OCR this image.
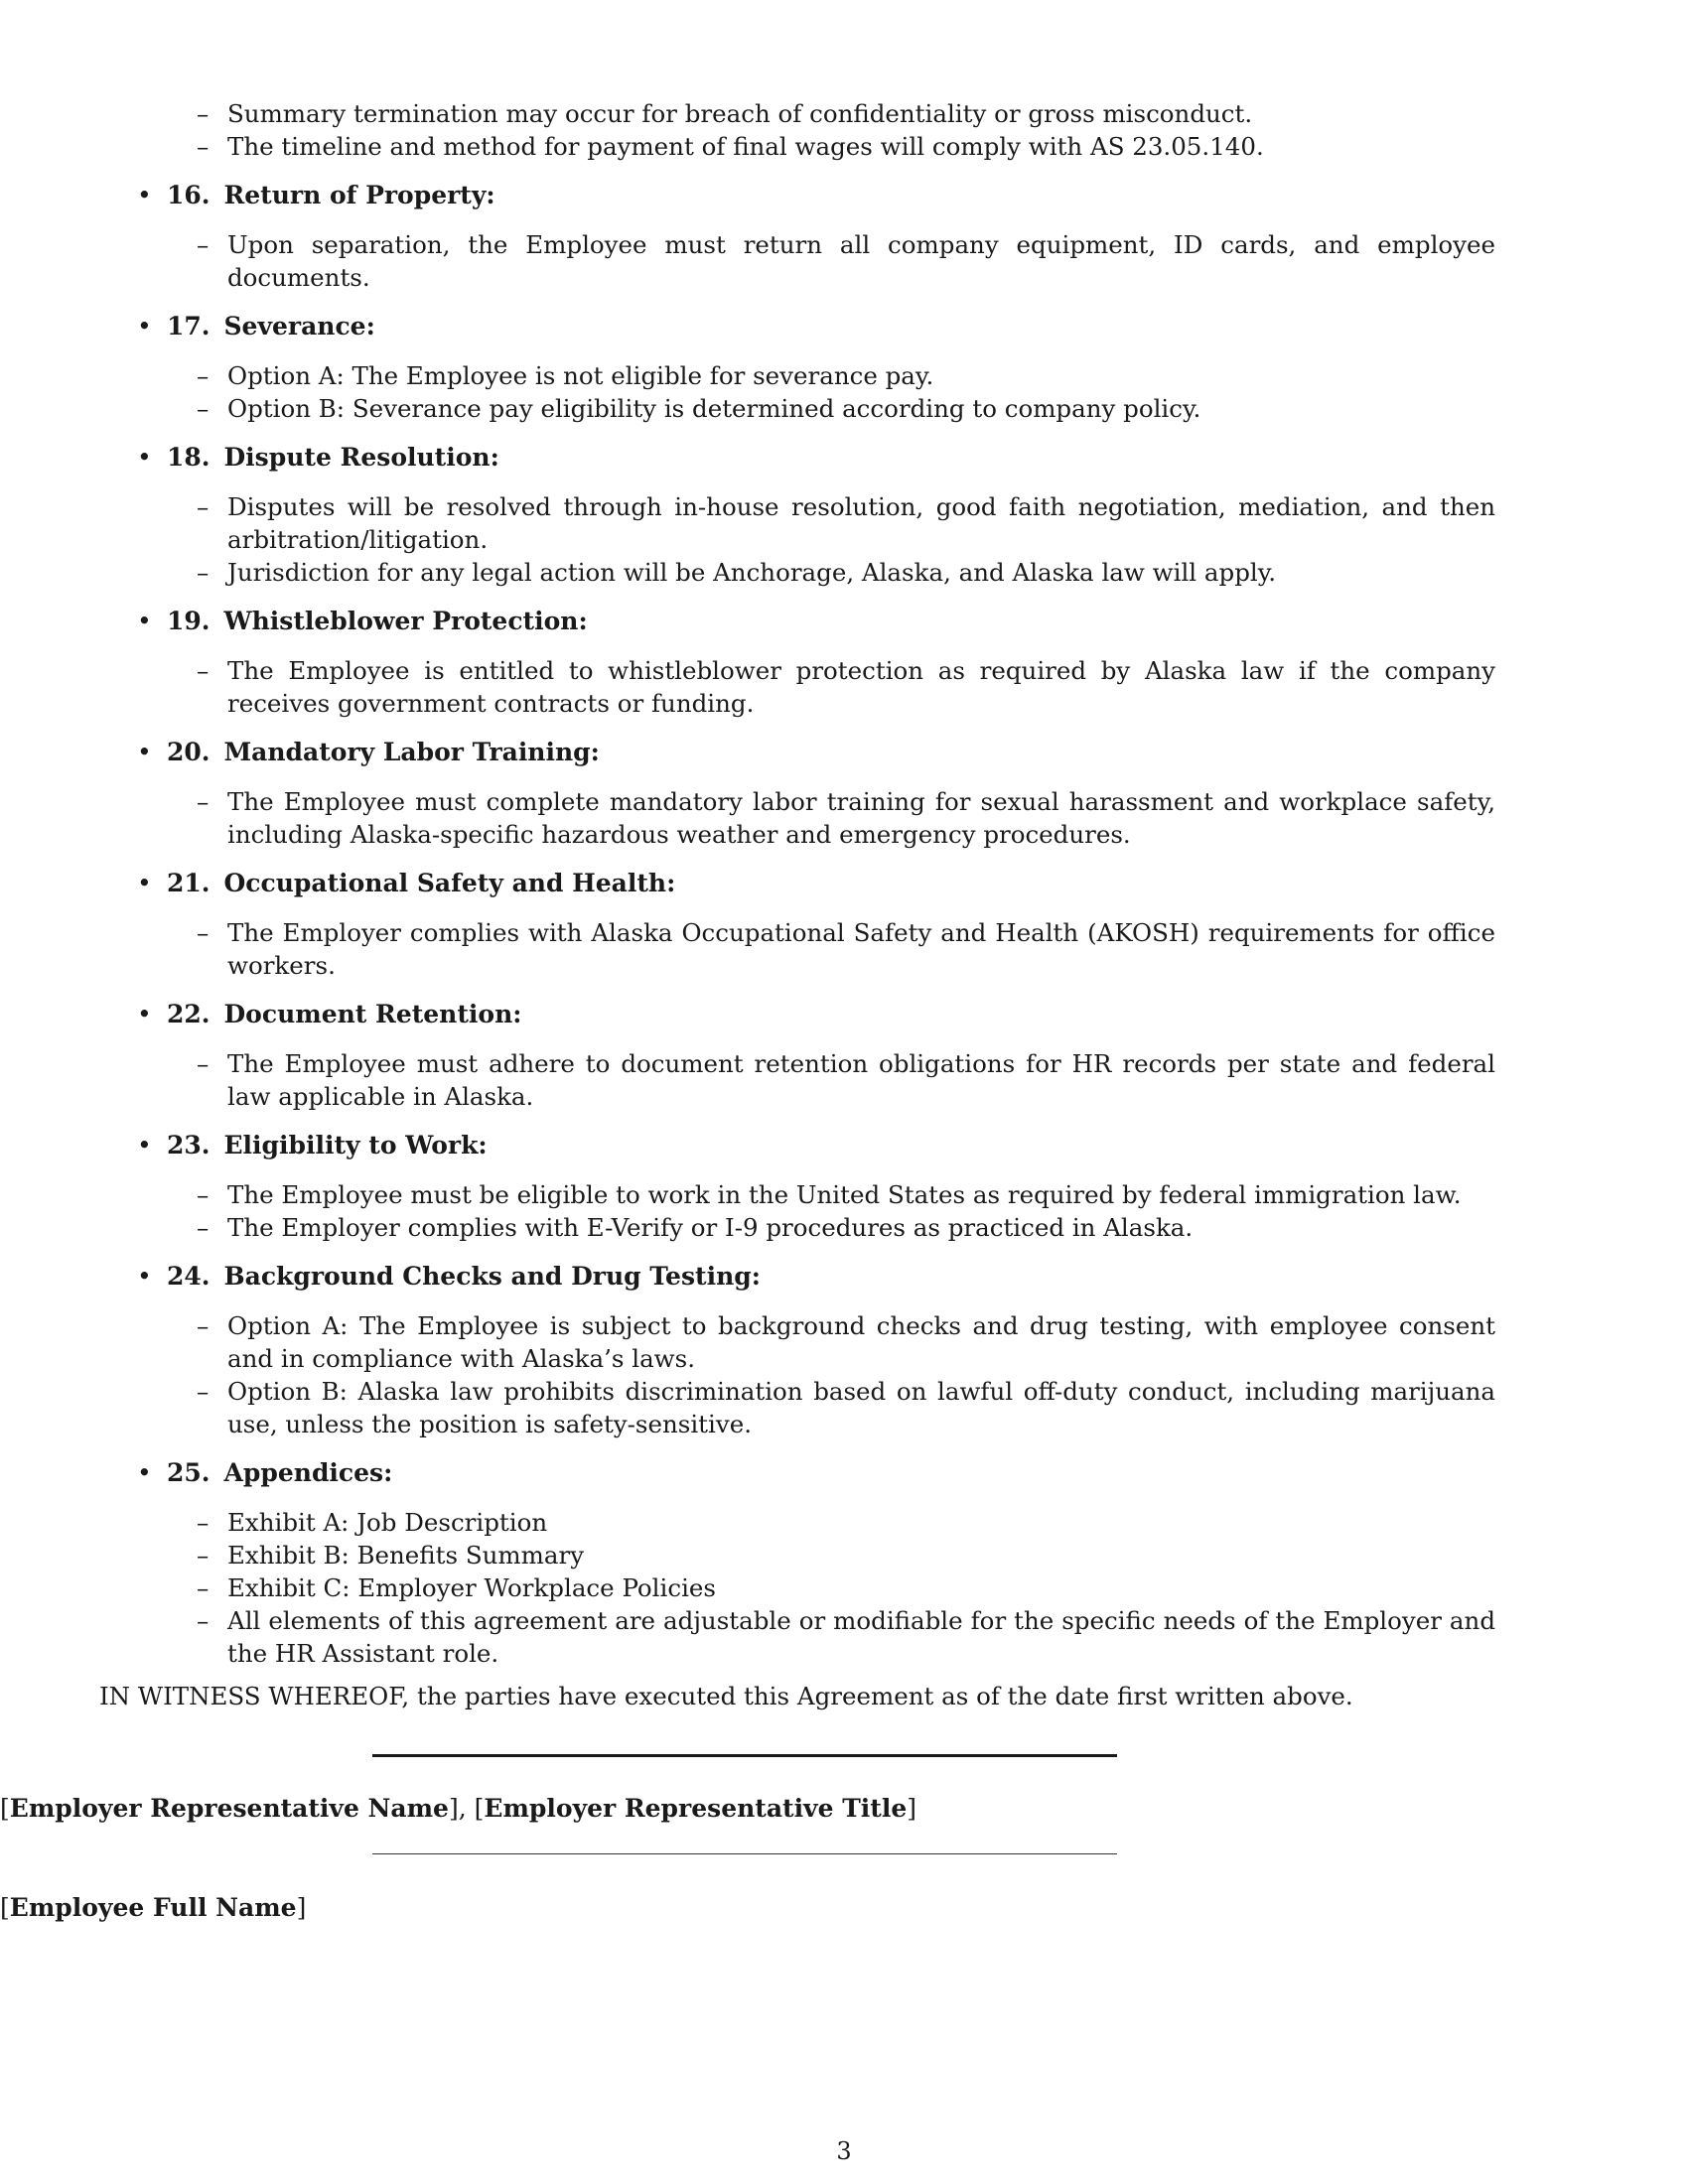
– Summary termination may occur for breach of confidentiality or gross misconduct.
– The timeline and method for payment of final wages will comply with AS 23.05.140.
• 16. Return of Property:
– Upon separation, the Employee must return all company equipment, ID cards, and employee documents.
• 17. Severance:
– Option A: The Employee is not eligible for severance pay.
– Option B: Severance pay eligibility is determined according to company policy.
• 18. Dispute Resolution:
– Disputes will be resolved through in-house resolution, good faith negotiation, mediation, and then arbitration/litigation.
– Jurisdiction for any legal action will be Anchorage, Alaska, and Alaska law will apply.
• 19. Whistleblower Protection:
– The Employee is entitled to whistleblower protection as required by Alaska law if the company receives government contracts or funding.
• 20. Mandatory Labor Training:
– The Employee must complete mandatory labor training for sexual harassment and workplace safety, including Alaska-specific hazardous weather and emergency procedures.
• 21. Occupational Safety and Health:
– The Employer complies with Alaska Occupational Safety and Health (AKOSH) requirements for office workers.
• 22. Document Retention:
– The Employee must adhere to document retention obligations for HR records per state and federal law applicable in Alaska.
• 23. Eligibility to Work:
– The Employee must be eligible to work in the United States as required by federal immigration law.
– The Employer complies with E-Verify or I-9 procedures as practiced in Alaska.
• 24. Background Checks and Drug Testing:
– Option A: The Employee is subject to background checks and drug testing, with employee consent and in compliance with Alaska’s laws.
– Option B: Alaska law prohibits discrimination based on lawful off-duty conduct, including marijuana use, unless the position is safety-sensitive.
• 25. Appendices:
– Exhibit A: Job Description
– Exhibit B: Benefits Summary
– Exhibit C: Employer Workplace Policies
– All elements of this agreement are adjustable or modifiable for the specific needs of the Employer and the HR Assistant role.
IN WITNESS WHEREOF, the parties have executed this Agreement as of the date first written above.
[Employer Representative Name], [Employer Representative Title]
[Employee Full Name]
3
